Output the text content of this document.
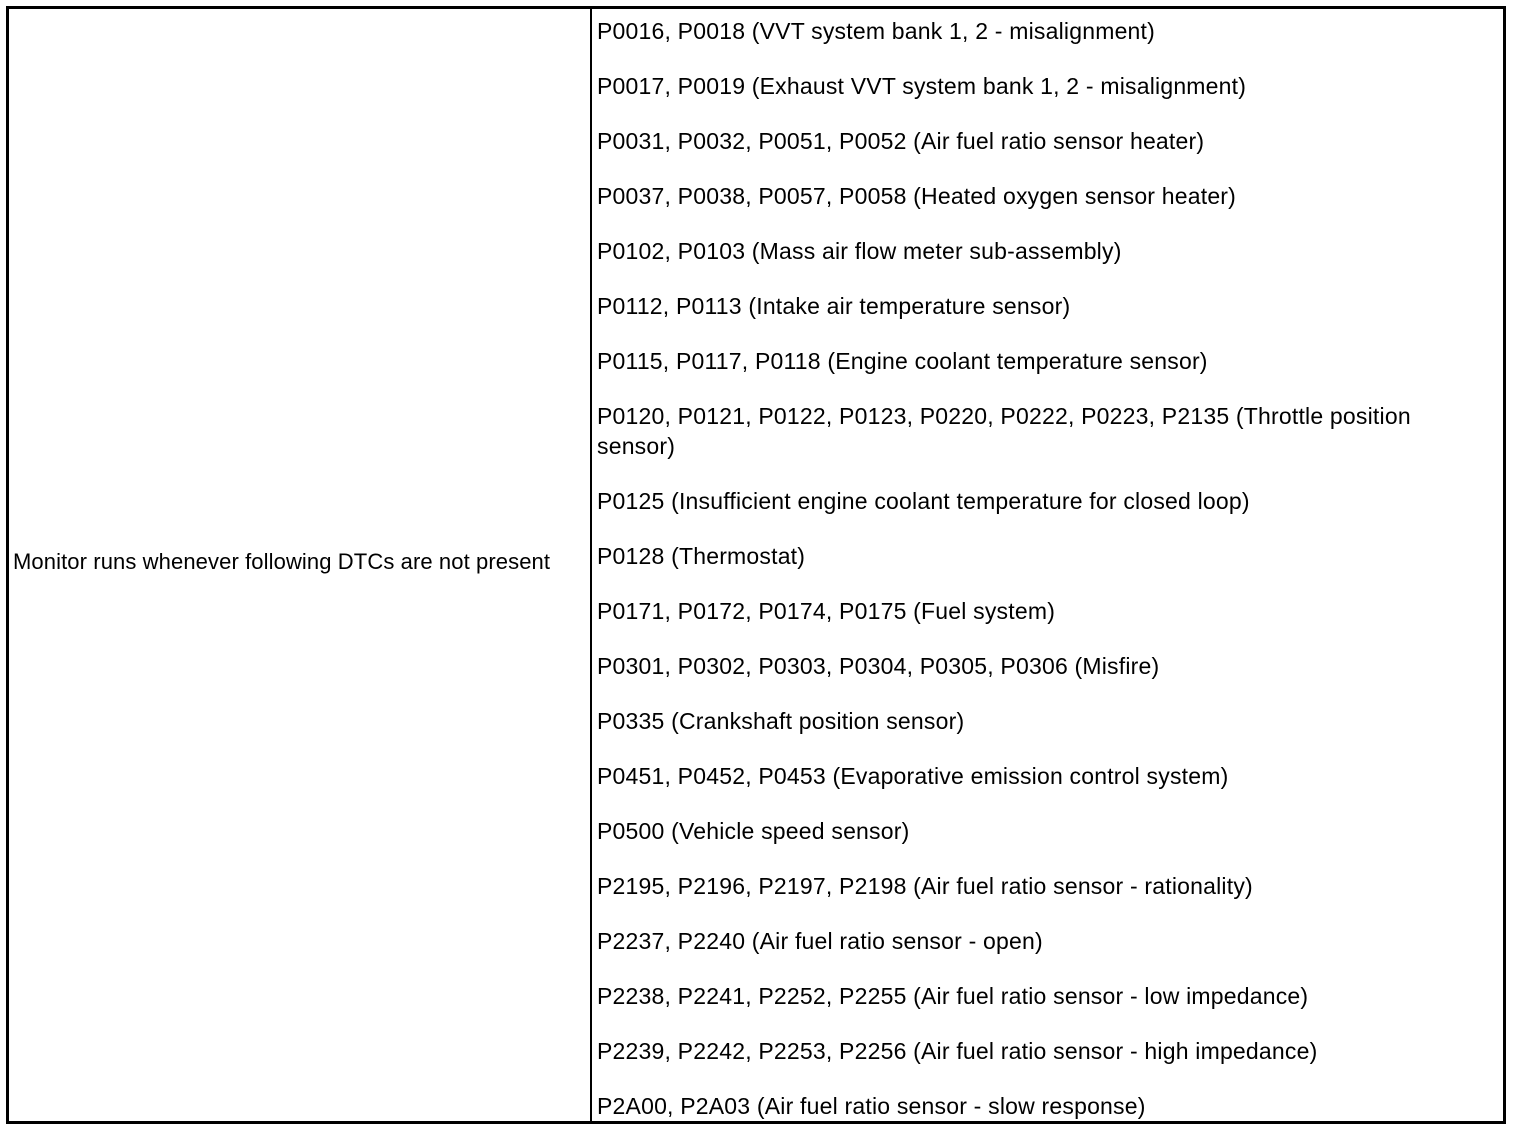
Monitor runs whenever following DTCs are not present
P0016, P0018 (VVT system bank 1, 2 - misalignment)
P0017, P0019 (Exhaust VVT system bank 1, 2 - misalignment)
P0031, P0032, P0051, P0052 (Air fuel ratio sensor heater)
P0037, P0038, P0057, P0058 (Heated oxygen sensor heater)
P0102, P0103 (Mass air flow meter sub-assembly)
P0112, P0113 (Intake air temperature sensor)
P0115, P0117, P0118 (Engine coolant temperature sensor)
P0120, P0121, P0122, P0123, P0220, P0222, P0223, P2135 (Throttle position sensor)
P0125 (Insufficient engine coolant temperature for closed loop)
P0128 (Thermostat)
P0171, P0172, P0174, P0175 (Fuel system)
P0301, P0302, P0303, P0304, P0305, P0306 (Misfire)
P0335 (Crankshaft position sensor)
P0451, P0452, P0453 (Evaporative emission control system)
P0500 (Vehicle speed sensor)
P2195, P2196, P2197, P2198 (Air fuel ratio sensor - rationality)
P2237, P2240 (Air fuel ratio sensor - open)
P2238, P2241, P2252, P2255 (Air fuel ratio sensor - low impedance)
P2239, P2242, P2253, P2256 (Air fuel ratio sensor - high impedance)
P2A00, P2A03 (Air fuel ratio sensor - slow response)
